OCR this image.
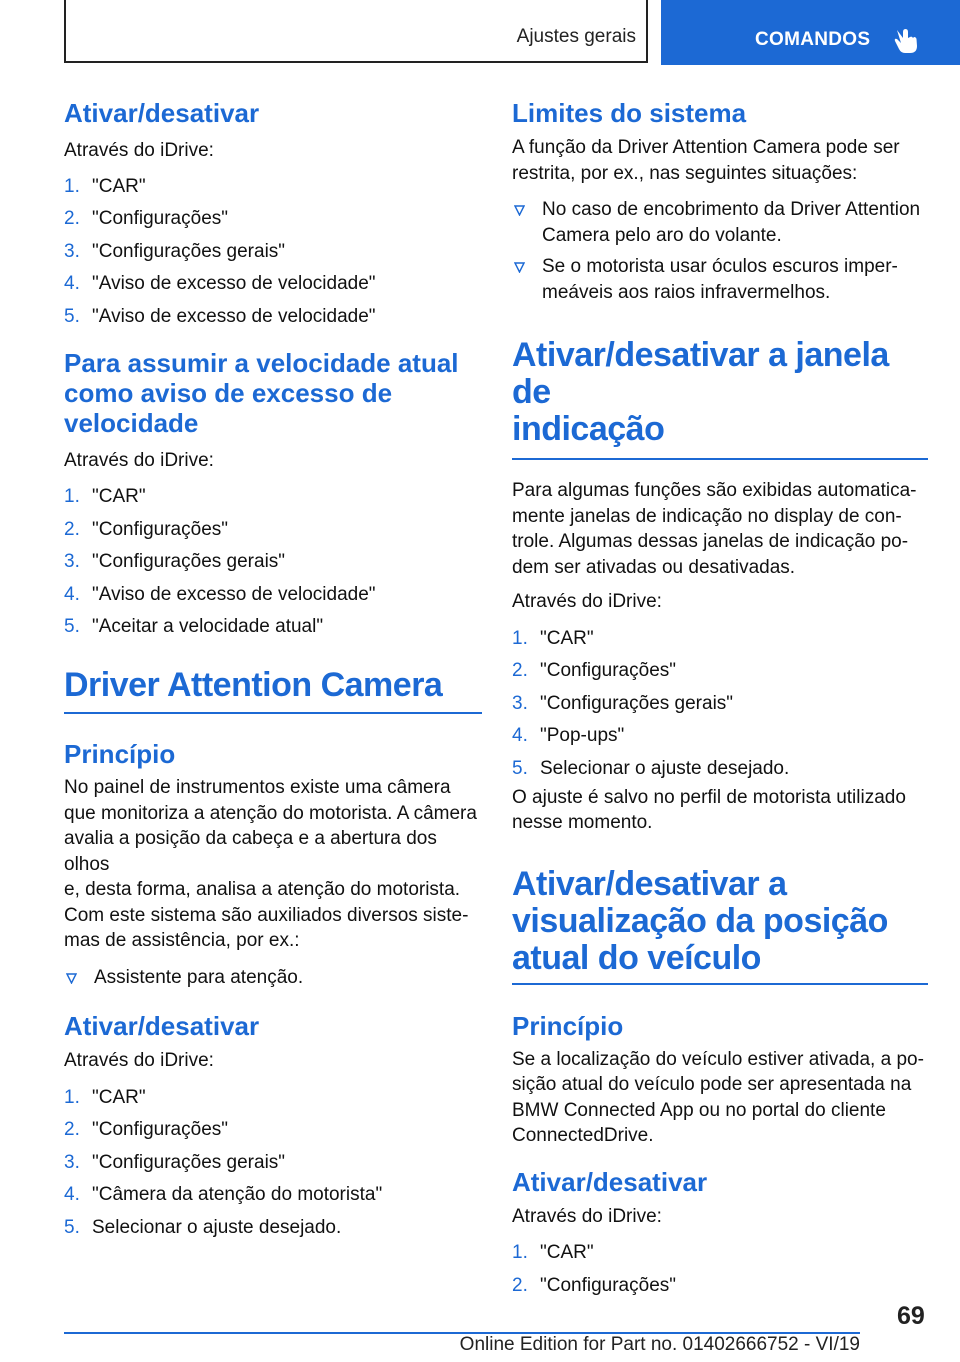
Ajustes gerais	COMANDOS
Ativar/desativar

Através do iDrive:

1. "CAR"
2. "Configurações"
3. "Configurações gerais"
4. "Aviso de excesso de velocidade"
5. "Aviso de excesso de velocidade"
Para assumir a velocidade atual
como aviso de excesso de
velocidade

Através do iDrive:

1. "CAR"
2. "Configurações"
3. "Configurações gerais"
4. "Aviso de excesso de velocidade"
5. "Aceitar a velocidade atual"
Driver Attention Camera
Princípio

No painel de instrumentos existe uma câmera
que monitoriza a atenção do motorista. A câmera
avalia a posição da cabeça e a abertura dos olhos
e, desta forma, analisa a atenção do motorista.
Com este sistema são auxiliados diversos siste-
mas de assistência, por ex.:

Assistente para atenção.
Ativar/desativar

Através do iDrive:

1. "CAR"
2. "Configurações"
3. "Configurações gerais"
4. "Câmera da atenção do motorista"
5. Selecionar o ajuste desejado.
Limites do sistema

A função da Driver Attention Camera pode ser
restrita, por ex., nas seguintes situações:

No caso de encobrimento da Driver Attention
Camera pelo aro do volante.
Se o motorista usar óculos escuros imper-
meáveis aos raios infravermelhos.
Ativar/desativar a janela de
indicação

Para algumas funções são exibidas automatica-
mente janelas de indicação no display de con-
trole. Algumas dessas janelas de indicação po-
dem ser ativadas ou desativadas.

Através do iDrive:

1. "CAR"
2. "Configurações"
3. "Configurações gerais"
4. "Pop-ups"
5. Selecionar o ajuste desejado.

O ajuste é salvo no perfil de motorista utilizado
nesse momento.

Ativar/desativar a
visualização da posição
atual do veículo
Princípio

Se a localização do veículo estiver ativada, a po-
sição atual do veículo pode ser apresentada na
BMW Connected App ou no portal do cliente
ConnectedDrive.

Ativar/desativar

Através do iDrive:

1. "CAR"
2. "Configurações"
69
Online Edition for Part no. 01402666752 - VI/19
